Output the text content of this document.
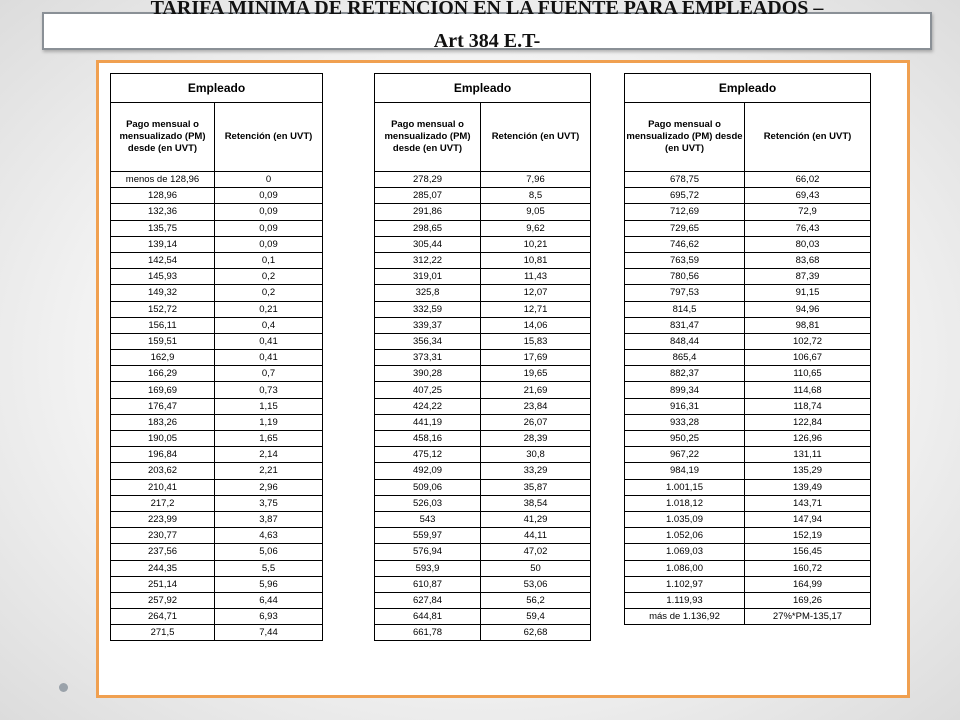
TARIFA MINIMA DE RETENCION EN LA FUENTE PARA EMPLEADOS –
Art 384 E.T-
Empleado	
Pago mensual o mensualizado (PM) desde (en UVT)	Retención (en UVT)
menos de 128,96	0
128,96	0,09
132,36	0,09
135,75	0,09
139,14	0,09
142,54	0,1
145,93	0,2
149,32	0,2
152,72	0,21
156,11	0,4
159,51	0,41
162,9	0,41
166,29	0,7
169,69	0,73
176,47	1,15
183,26	1,19
190,05	1,65
196,84	2,14
203,62	2,21
210,41	2,96
217,2	3,75
223,99	3,87
230,77	4,63
237,56	5,06
244,35	5,5
251,14	5,96
257,92	6,44
264,71	6,93
271,5	7,44
Empleado	
Pago mensual o mensualizado (PM) desde (en UVT)	Retención (en UVT)
278,29	7,96
285,07	8,5
291,86	9,05
298,65	9,62
305,44	10,21
312,22	10,81
319,01	11,43
325,8	12,07
332,59	12,71
339,37	14,06
356,34	15,83
373,31	17,69
390,28	19,65
407,25	21,69
424,22	23,84
441,19	26,07
458,16	28,39
475,12	30,8
492,09	33,29
509,06	35,87
526,03	38,54
543	41,29
559,97	44,11
576,94	47,02
593,9	50
610,87	53,06
627,84	56,2
644,81	59,4
661,78	62,68
Empleado	
Pago mensual o mensualizado (PM) desde (en UVT)	Retención (en UVT)
678,75	66,02
695,72	69,43
712,69	72,9
729,65	76,43
746,62	80,03
763,59	83,68
780,56	87,39
797,53	91,15
814,5	94,96
831,47	98,81
848,44	102,72
865,4	106,67
882,37	110,65
899,34	114,68
916,31	118,74
933,28	122,84
950,25	126,96
967,22	131,11
984,19	135,29
1.001,15	139,49
1.018,12	143,71
1.035,09	147,94
1.052,06	152,19
1.069,03	156,45
1.086,00	160,72
1.102,97	164,99
1.119,93	169,26
más de 1.136,92	27%*PM-135,17
